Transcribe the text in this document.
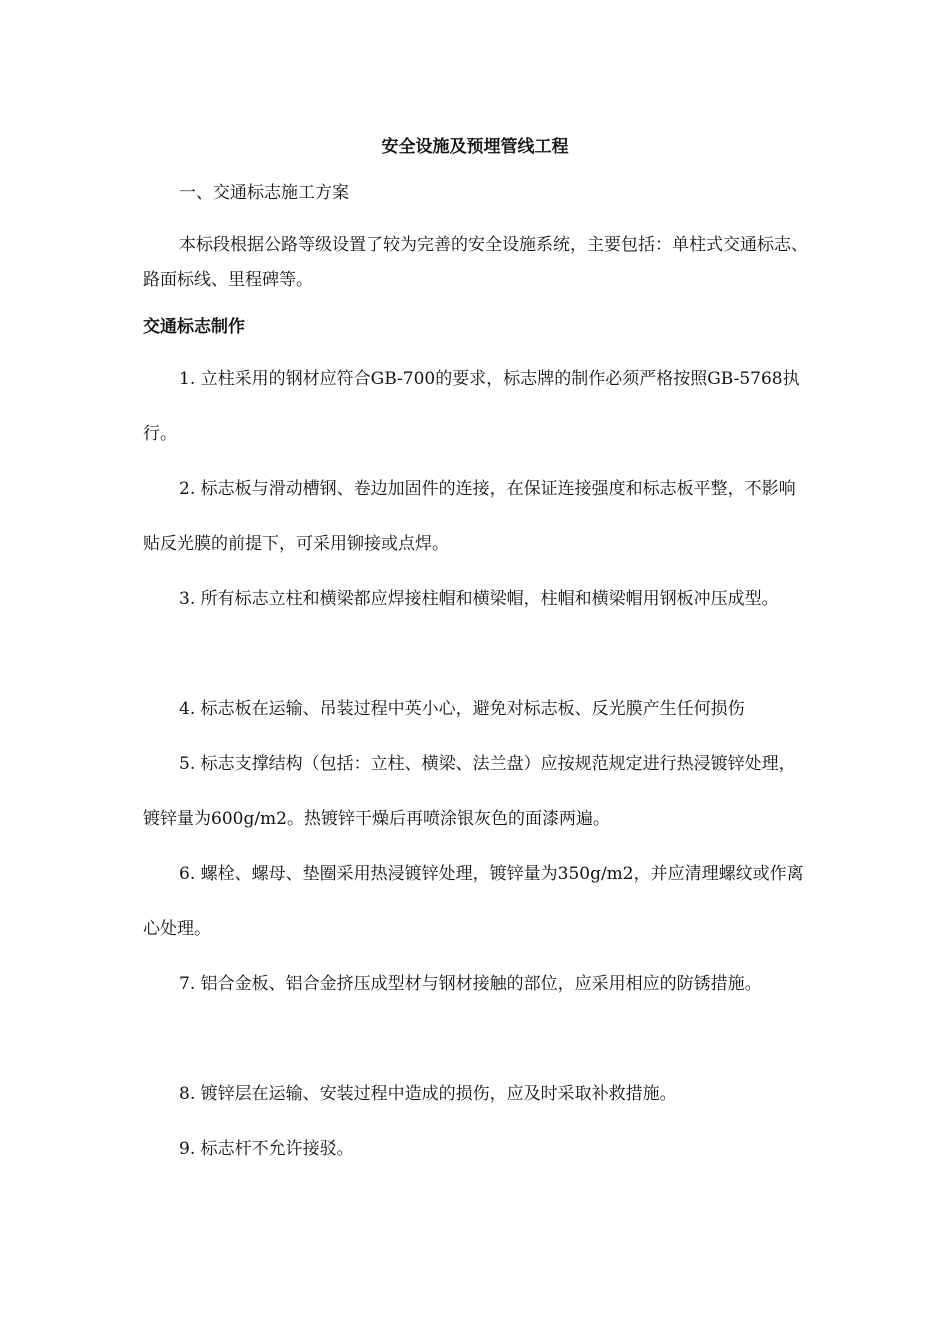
安全设施及预埋管线工程

一、交通标志施工方案

本标段根据公路等级设置了较为完善的安全设施系统，主要包括：单柱式交通标志、路面标线、里程碑等。

交通标志制作

1. 立柱采用的钢材应符合GB-700的要求，标志牌的制作必须严格按照GB-5768执行。

2. 标志板与滑动槽钢、卷边加固件的连接，在保证连接强度和标志板平整，不影响贴反光膜的前提下，可采用铆接或点焊。

3. 所有标志立柱和横梁都应焊接柱帽和横梁帽，柱帽和横梁帽用钢板冲压成型。

4. 标志板在运输、吊装过程中英小心，避免对标志板、反光膜产生任何损伤

5. 标志支撑结构（包括：立柱、横梁、法兰盘）应按规范规定进行热浸镀锌处理，镀锌量为600g/m2。热镀锌干燥后再喷涂银灰色的面漆两遍。

6. 螺栓、螺母、垫圈采用热浸镀锌处理，镀锌量为350g/m2，并应清理螺纹或作离心处理。

7. 铝合金板、铝合金挤压成型材与钢材接触的部位，应采用相应的防锈措施。

8. 镀锌层在运输、安装过程中造成的损伤，应及时采取补救措施。

9. 标志杆不允许接驳。
